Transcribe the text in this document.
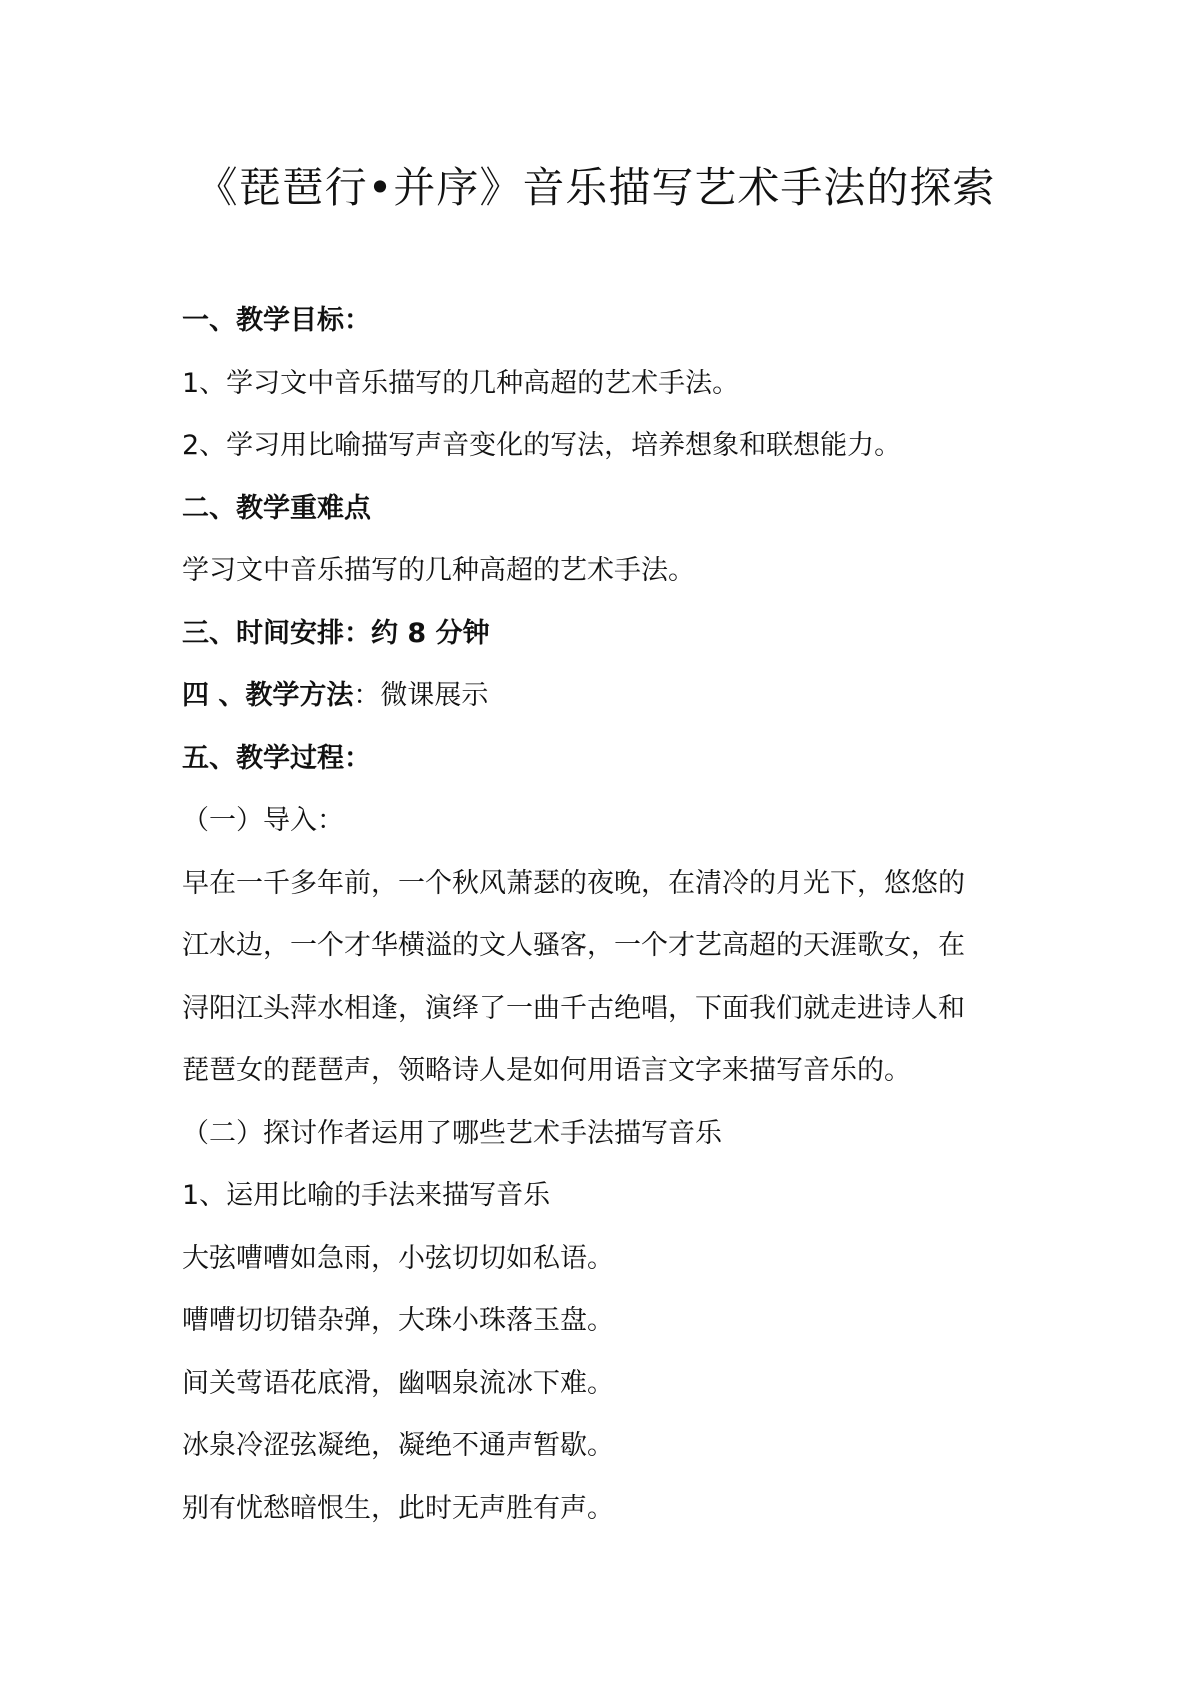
《琵琶行•并序》音乐描写艺术手法的探索

一、教学目标：

1、学习文中音乐描写的几种高超的艺术手法。

2、学习用比喻描写声音变化的写法，培养想象和联想能力。

二、教学重难点

学习文中音乐描写的几种高超的艺术手法。

三、时间安排：约 8 分钟

四 、教学方法：微课展示

五、教学过程：

（一）导入：

早在一千多年前，一个秋风萧瑟的夜晚，在清冷的月光下，悠悠的

江水边，一个才华横溢的文人骚客，一个才艺高超的天涯歌女，在

浔阳江头萍水相逢，演绎了一曲千古绝唱，下面我们就走进诗人和

琵琶女的琵琶声，领略诗人是如何用语言文字来描写音乐的。

（二）探讨作者运用了哪些艺术手法描写音乐

1、运用比喻的手法来描写音乐

大弦嘈嘈如急雨，小弦切切如私语。

嘈嘈切切错杂弹，大珠小珠落玉盘。

间关莺语花底滑，幽咽泉流冰下难。

冰泉冷涩弦凝绝，凝绝不通声暂歇。

别有忧愁暗恨生，此时无声胜有声。
